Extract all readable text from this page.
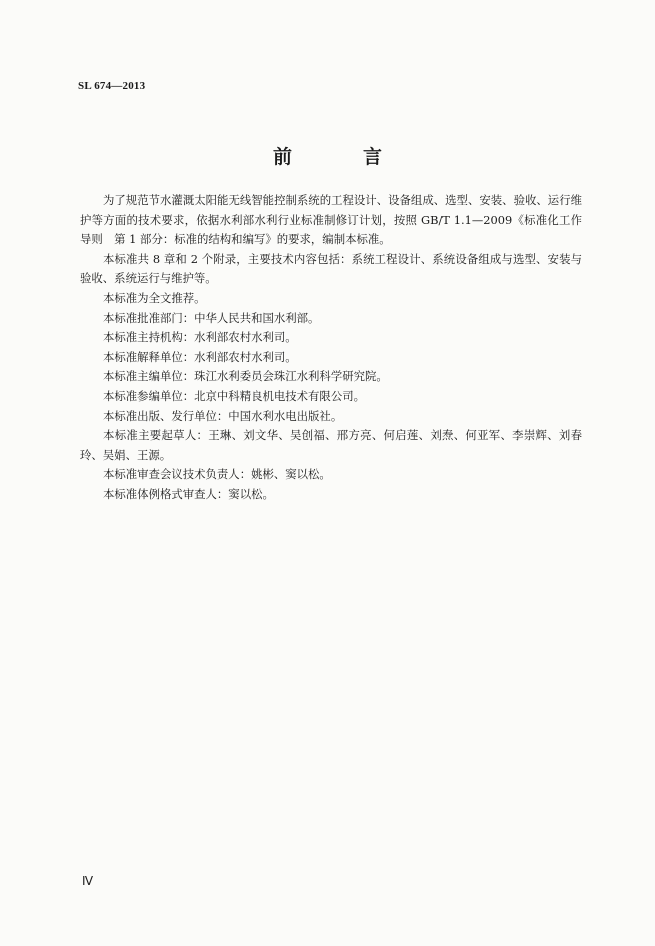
SL 674—2013
前　言

为了规范节水灌溉太阳能无线智能控制系统的工程设计、设备组成、选型、安装、验收、运行维护等方面的技术要求，依据水利部水利行业标准制修订计划，按照 GB/T 1.1—2009《标准化工作导则　第 1 部分：标准的结构和编写》的要求，编制本标准。

本标准共 8 章和 2 个附录，主要技术内容包括：系统工程设计、系统设备组成与选型、安装与验收、系统运行与维护等。

本标准为全文推荐。

本标准批准部门：中华人民共和国水利部。

本标准主持机构：水利部农村水利司。

本标准解释单位：水利部农村水利司。

本标准主编单位：珠江水利委员会珠江水利科学研究院。

本标准参编单位：北京中科精良机电技术有限公司。

本标准出版、发行单位：中国水利水电出版社。

本标准主要起草人：王琳、刘文华、吴创福、邢方亮、何启莲、刘焘、何亚军、李崇辉、刘春玲、吴娟、王源。

本标准审查会议技术负责人：姚彬、窦以松。

本标准体例格式审查人：窦以松。

Ⅳ
